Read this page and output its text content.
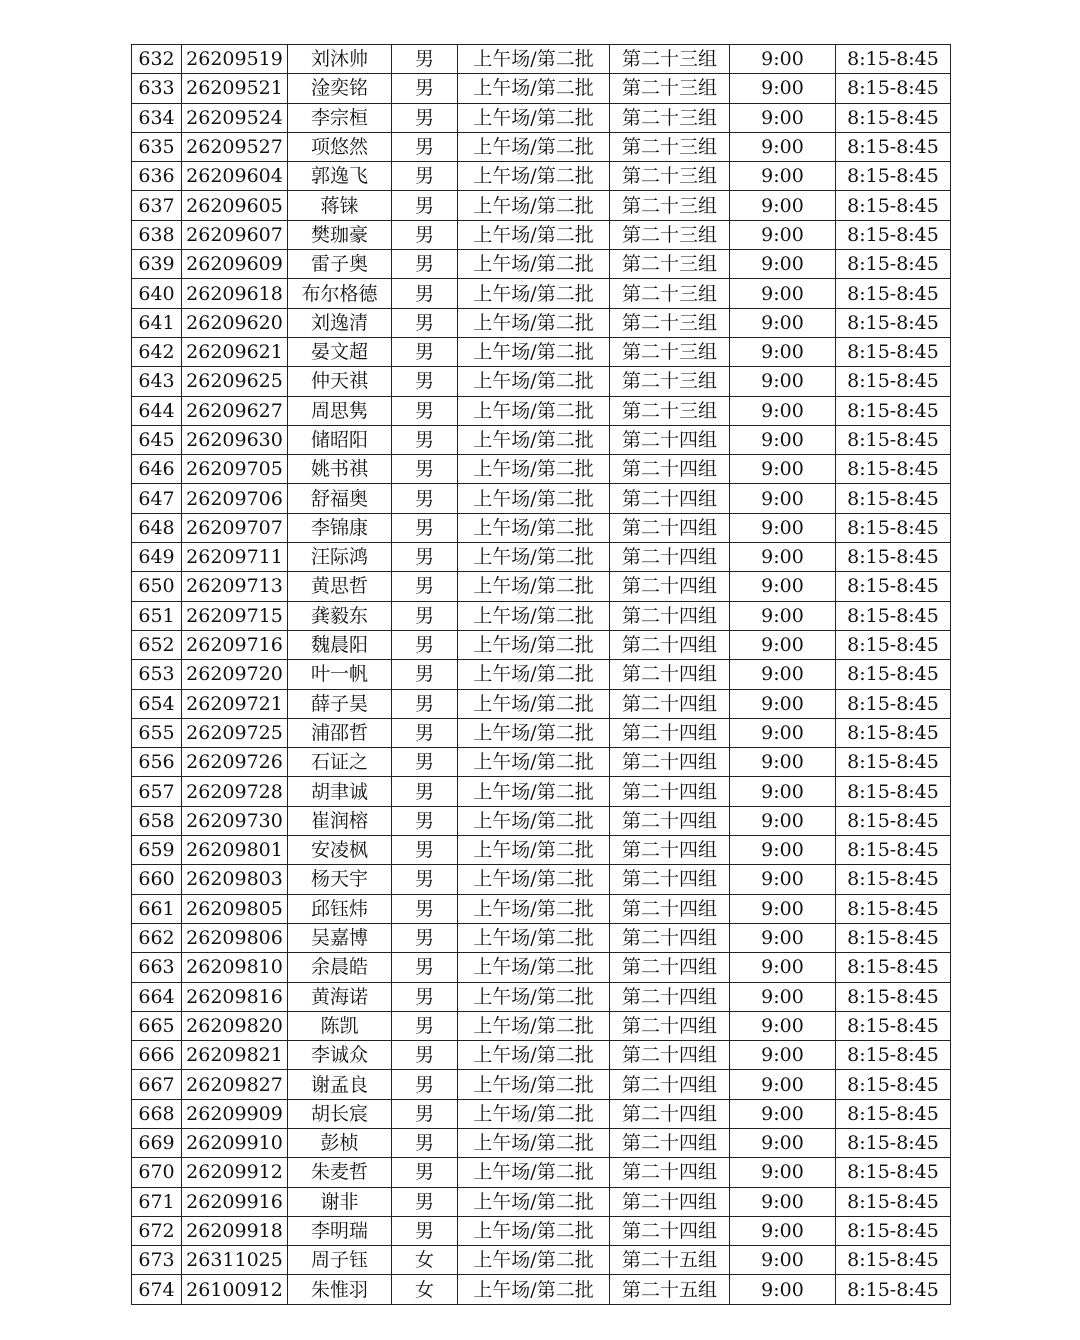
632	26209519	刘沐帅	男	上午场/第二批	第二十三组	9:00	8:15-8:45
633	26209521	淦奕铭	男	上午场/第二批	第二十三组	9:00	8:15-8:45
634	26209524	李宗桓	男	上午场/第二批	第二十三组	9:00	8:15-8:45
635	26209527	项悠然	男	上午场/第二批	第二十三组	9:00	8:15-8:45
636	26209604	郭逸飞	男	上午场/第二批	第二十三组	9:00	8:15-8:45
637	26209605	蒋铼	男	上午场/第二批	第二十三组	9:00	8:15-8:45
638	26209607	樊珈豪	男	上午场/第二批	第二十三组	9:00	8:15-8:45
639	26209609	雷子奥	男	上午场/第二批	第二十三组	9:00	8:15-8:45
640	26209618	布尔格德	男	上午场/第二批	第二十三组	9:00	8:15-8:45
641	26209620	刘逸清	男	上午场/第二批	第二十三组	9:00	8:15-8:45
642	26209621	晏文超	男	上午场/第二批	第二十三组	9:00	8:15-8:45
643	26209625	仲天祺	男	上午场/第二批	第二十三组	9:00	8:15-8:45
644	26209627	周思隽	男	上午场/第二批	第二十三组	9:00	8:15-8:45
645	26209630	储昭阳	男	上午场/第二批	第二十四组	9:00	8:15-8:45
646	26209705	姚书祺	男	上午场/第二批	第二十四组	9:00	8:15-8:45
647	26209706	舒福奥	男	上午场/第二批	第二十四组	9:00	8:15-8:45
648	26209707	李锦康	男	上午场/第二批	第二十四组	9:00	8:15-8:45
649	26209711	汪际鸿	男	上午场/第二批	第二十四组	9:00	8:15-8:45
650	26209713	黄思哲	男	上午场/第二批	第二十四组	9:00	8:15-8:45
651	26209715	龚毅东	男	上午场/第二批	第二十四组	9:00	8:15-8:45
652	26209716	魏晨阳	男	上午场/第二批	第二十四组	9:00	8:15-8:45
653	26209720	叶一帆	男	上午场/第二批	第二十四组	9:00	8:15-8:45
654	26209721	薛子昊	男	上午场/第二批	第二十四组	9:00	8:15-8:45
655	26209725	浦邵哲	男	上午场/第二批	第二十四组	9:00	8:15-8:45
656	26209726	石证之	男	上午场/第二批	第二十四组	9:00	8:15-8:45
657	26209728	胡聿诚	男	上午场/第二批	第二十四组	9:00	8:15-8:45
658	26209730	崔润榕	男	上午场/第二批	第二十四组	9:00	8:15-8:45
659	26209801	安凌枫	男	上午场/第二批	第二十四组	9:00	8:15-8:45
660	26209803	杨天宇	男	上午场/第二批	第二十四组	9:00	8:15-8:45
661	26209805	邱钰炜	男	上午场/第二批	第二十四组	9:00	8:15-8:45
662	26209806	吴嘉博	男	上午场/第二批	第二十四组	9:00	8:15-8:45
663	26209810	余晨皓	男	上午场/第二批	第二十四组	9:00	8:15-8:45
664	26209816	黄海诺	男	上午场/第二批	第二十四组	9:00	8:15-8:45
665	26209820	陈凯	男	上午场/第二批	第二十四组	9:00	8:15-8:45
666	26209821	李诚众	男	上午场/第二批	第二十四组	9:00	8:15-8:45
667	26209827	谢孟良	男	上午场/第二批	第二十四组	9:00	8:15-8:45
668	26209909	胡长宸	男	上午场/第二批	第二十四组	9:00	8:15-8:45
669	26209910	彭桢	男	上午场/第二批	第二十四组	9:00	8:15-8:45
670	26209912	朱麦哲	男	上午场/第二批	第二十四组	9:00	8:15-8:45
671	26209916	谢非	男	上午场/第二批	第二十四组	9:00	8:15-8:45
672	26209918	李明瑞	男	上午场/第二批	第二十四组	9:00	8:15-8:45
673	26311025	周子钰	女	上午场/第二批	第二十五组	9:00	8:15-8:45
674	26100912	朱惟羽	女	上午场/第二批	第二十五组	9:00	8:15-8:45
